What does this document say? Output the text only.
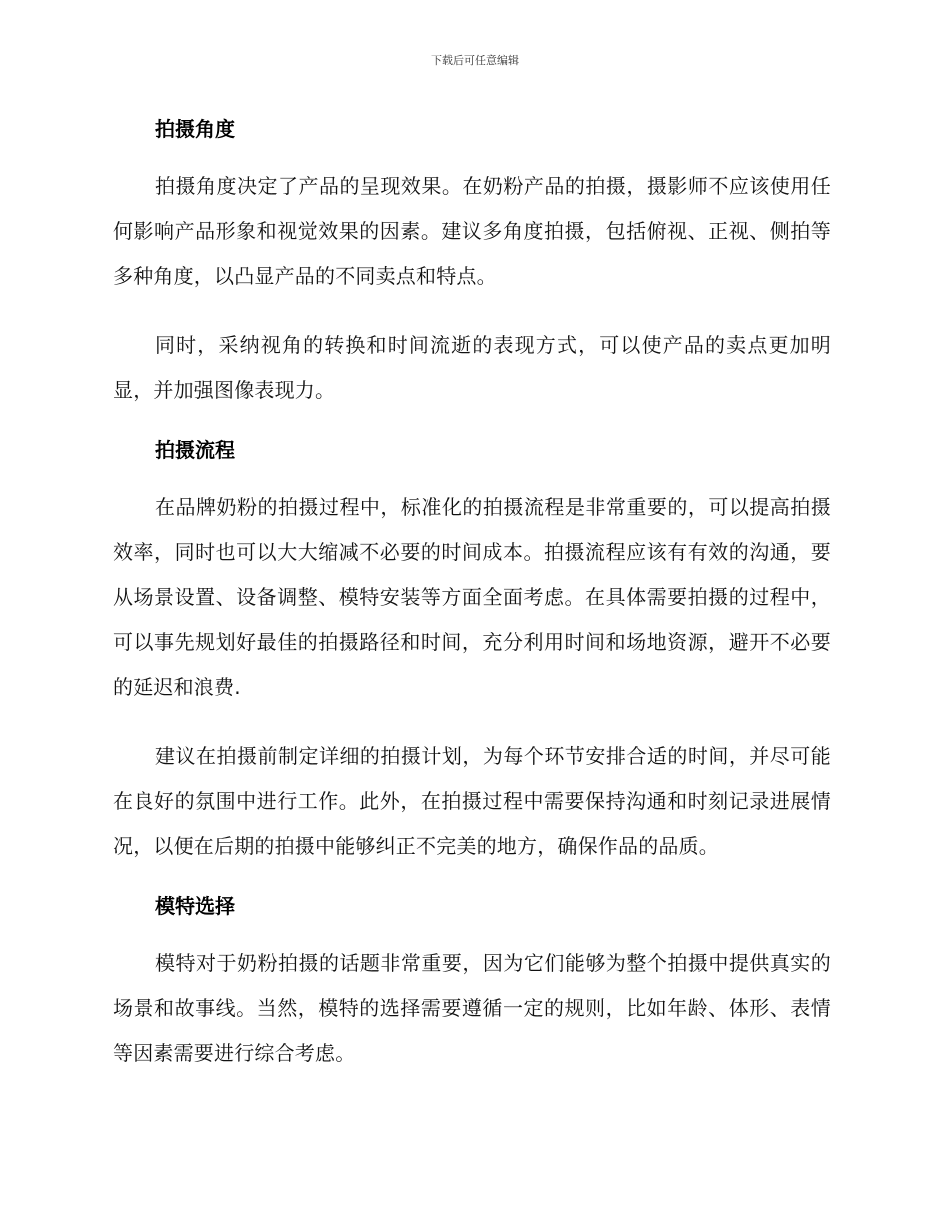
下载后可任意编辑
拍摄角度

拍摄角度决定了产品的呈现效果。在奶粉产品的拍摄，摄影师不应该使用任何影响产品形象和视觉效果的因素。建议多角度拍摄，包括俯视、正视、侧拍等多种角度，以凸显产品的不同卖点和特点。

同时，采纳视角的转换和时间流逝的表现方式，可以使产品的卖点更加明显，并加强图像表现力。

拍摄流程

在品牌奶粉的拍摄过程中，标准化的拍摄流程是非常重要的，可以提高拍摄效率，同时也可以大大缩减不必要的时间成本。拍摄流程应该有有效的沟通，要从场景设置、设备调整、模特安装等方面全面考虑。在具体需要拍摄的过程中，可以事先规划好最佳的拍摄路径和时间，充分利用时间和场地资源，避开不必要的延迟和浪费.

建议在拍摄前制定详细的拍摄计划，为每个环节安排合适的时间，并尽可能在良好的氛围中进行工作。此外，在拍摄过程中需要保持沟通和时刻记录进展情况，以便在后期的拍摄中能够纠正不完美的地方，确保作品的品质。

模特选择

模特对于奶粉拍摄的话题非常重要，因为它们能够为整个拍摄中提供真实的场景和故事线。当然，模特的选择需要遵循一定的规则，比如年龄、体形、表情等因素需要进行综合考虑。
